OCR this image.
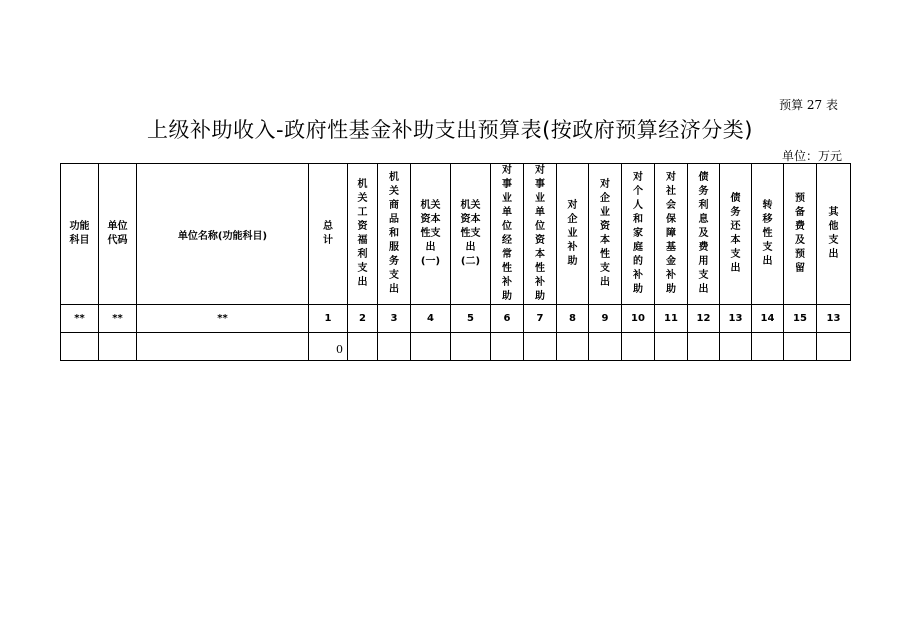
预算 27 表
上级补助收入-政府性基金补助支出预算表(按政府预算经济分类)
单位：万元
功能科目	单位代码	单位名称(功能科目)	总计	机关工资福利支出	机关商品和服务支出	机关资本性支出(一)	机关资本性支出(二)	对事业单位经常性补助	对事业单位资本性补助	对企业补助	对企业资本性支出	对个人和家庭的补助	对社会保障基金补助	债务利息及费用支出	债务还本支出	转移性支出	预备费及预留	其他支出
**	**	**	1	2	3	4	5	6	7	8	9	10	11	12	13	14	15	13
			0															
